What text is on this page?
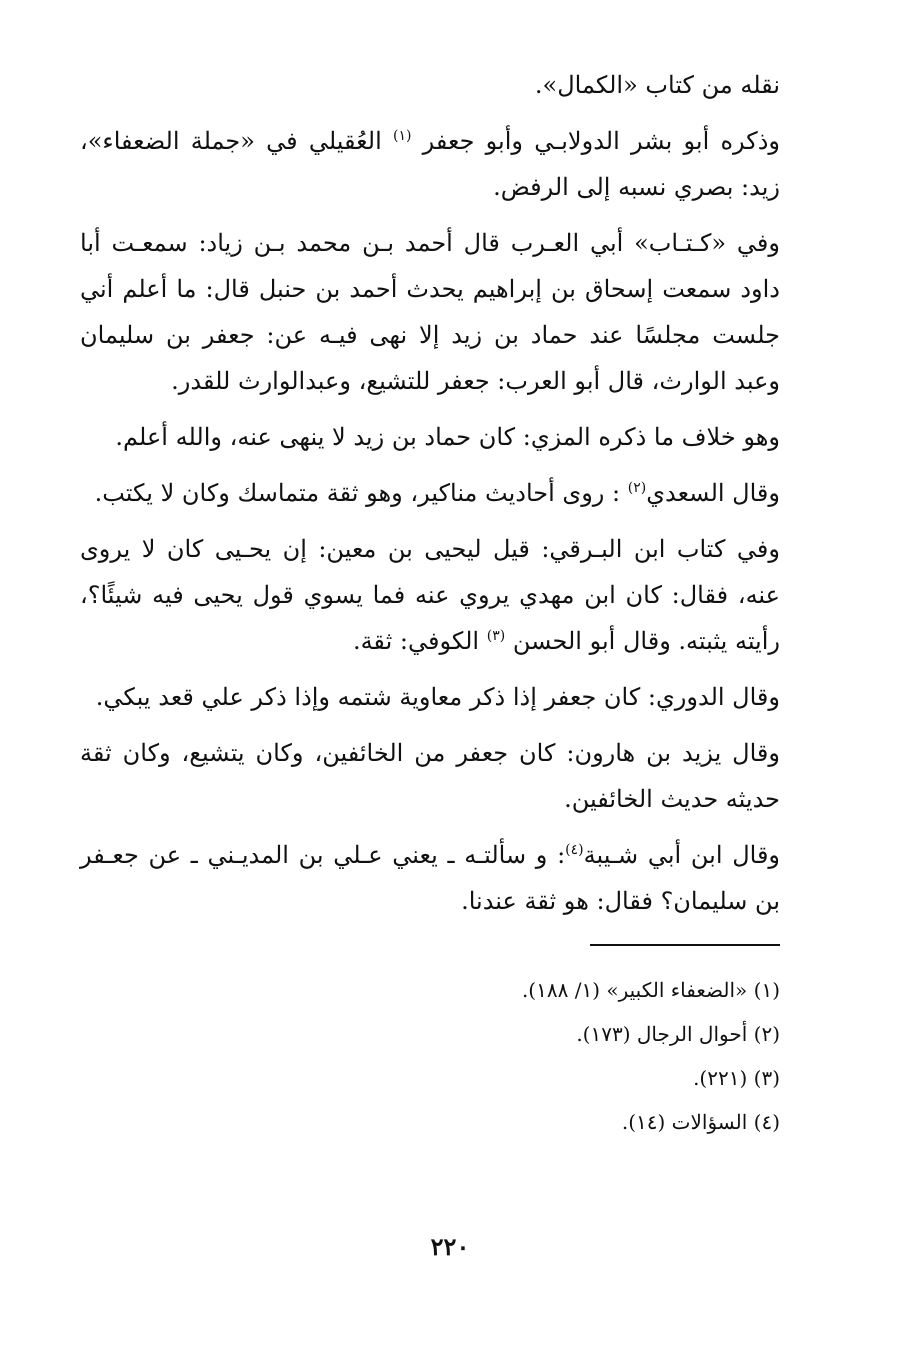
نقله من كتاب «الكمال».

وذكره أبو بشر الدولابـي وأبو جعفر $^{(١)}$ العُقيلي في «جملة الضعفاء»، زيد: بصري نسبه إلى الرفض.

وفي «كـتـاب» أبي العـرب قال أحمد بـن محمد بـن زياد: سمعـت أبا داود سمعت إسحاق بن إبراهيم يحدث أحمد بن حنبل قال: ما أعلم أني جلست مجلسًا عند حماد بن زيد إلا نهى فيـه عن: جعفر بن سليمان وعبد الوارث، قال أبو العرب: جعفر للتشيع، وعبدالوارث للقدر.

وهو خلاف ما ذكره المزي: كان حماد بن زيد لا ينهى عنه، والله أعلم.

وقال السعدي$^{(٢)}$ : روى أحاديث مناكير، وهو ثقة متماسك وكان لا يكتب.

وفي كتاب ابن البـرقي: قيل ليحيى بن معين: إن يحـيى كان لا يروى عنه، فقال: كان ابن مهدي يروي عنه فما يسوي قول يحيى فيه شيئًا؟، رأيته يثبته. وقال أبو الحسن $^{(٣)}$ الكوفي: ثقة.

وقال الدوري: كان جعفر إذا ذكر معاوية شتمه وإذا ذكر علي قعد يبكي.

وقال يزيد بن هارون: كان جعفر من الخائفين، وكان يتشيع، وكان ثقة حديثه حديث الخائفين.

وقال ابن أبي شـيبة$^{(٤)}$: و سألتـه ـ يعني عـلي بن المديـني ـ عن جعـفر بن سليمان؟ فقال: هو ثقة عندنا.

(١) «الضعفاء الكبير» (١/ ١٨٨).

(٢) أحوال الرجال (١٧٣).

(٣) (٢٢١).

(٤) السؤالات (١٤).

٢٢٠
